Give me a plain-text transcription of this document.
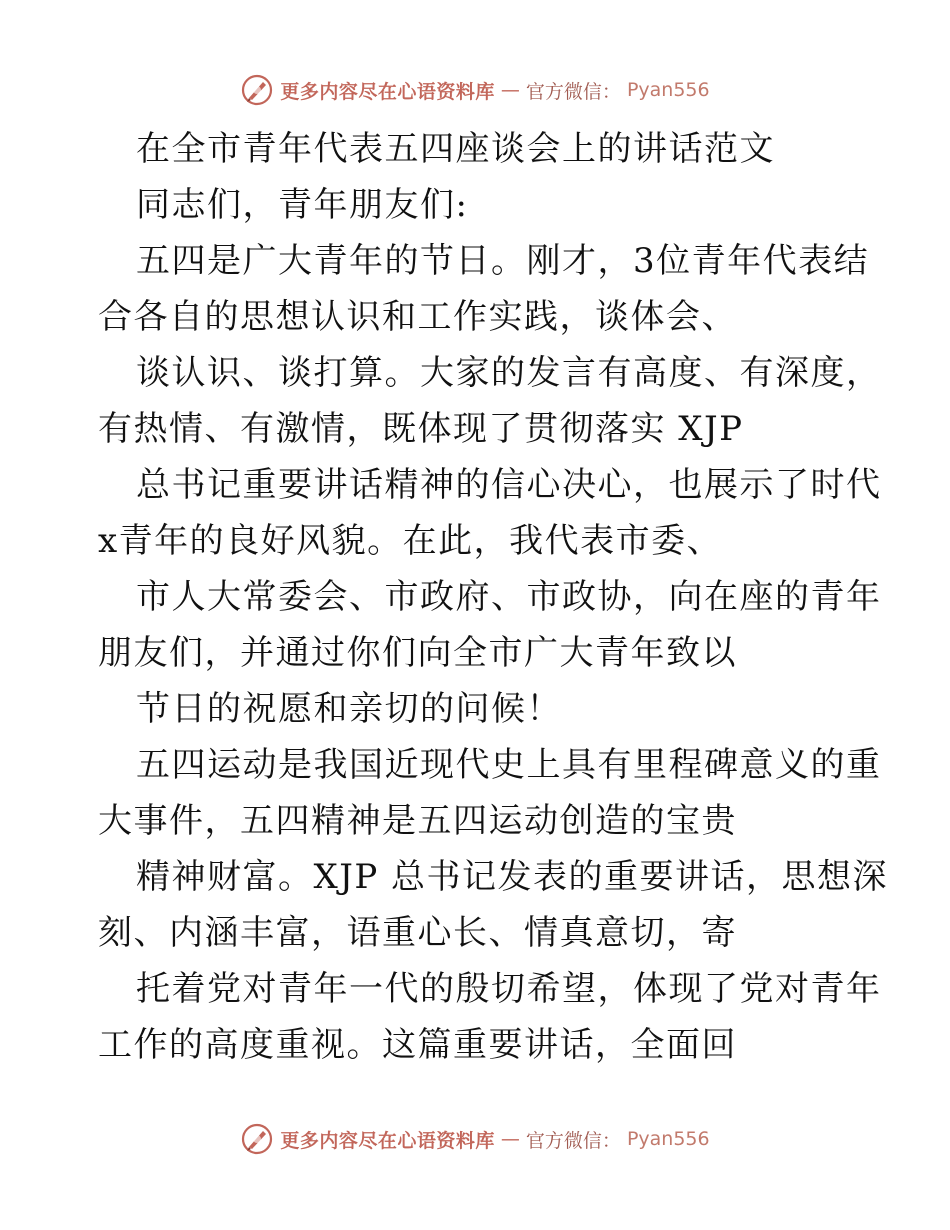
更多内容尽在心语资料库 — 官方微信： Pyan556
在全市青年代表五四座谈会上的讲话范文
同志们，青年朋友们:
五四是广大青年的节日。刚才，3位青年代表结
合各自的思想认识和工作实践，谈体会、
谈认识、谈打算。大家的发言有高度、有深度，
有热情、有激情，既体现了贯彻落实 XJP
总书记重要讲话精神的信心决心，也展示了时代
x青年的良好风貌。在此，我代表市委、
市人大常委会、市政府、市政协，向在座的青年
朋友们，并通过你们向全市广大青年致以
节日的祝愿和亲切的问候！
五四运动是我国近现代史上具有里程碑意义的重
大事件，五四精神是五四运动创造的宝贵
精神财富。XJP 总书记发表的重要讲话，思想深
刻、内涵丰富，语重心长、情真意切，寄
托着党对青年一代的殷切希望，体现了党对青年
工作的高度重视。这篇重要讲话，全面回
更多内容尽在心语资料库 — 官方微信： Pyan556
